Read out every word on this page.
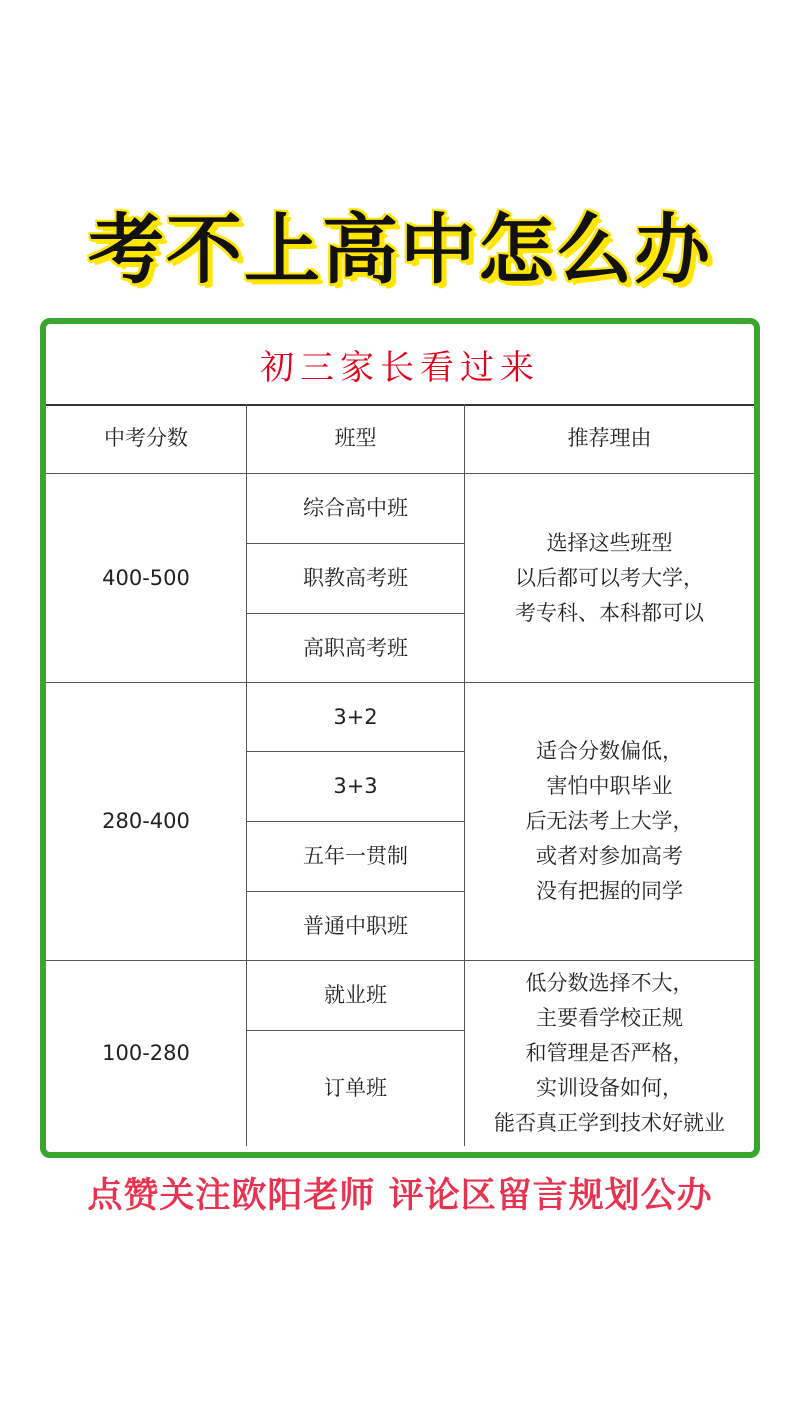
考不上高中怎么办
初三家长看过来
中考分数	班型	推荐理由
400-500
综合高中班
职教高考班
高职高考班
选择这些班型
以后都可以考大学，
考专科、本科都可以
280-400
3+2
3+3
五年一贯制
普通中职班
适合分数偏低，
害怕中职毕业
后无法考上大学，
或者对参加高考
没有把握的同学
100-280
就业班
订单班
低分数选择不大，
主要看学校正规
和管理是否严格，
实训设备如何，
能否真正学到技术好就业
点赞关注欧阳老师 评论区留言规划公办
